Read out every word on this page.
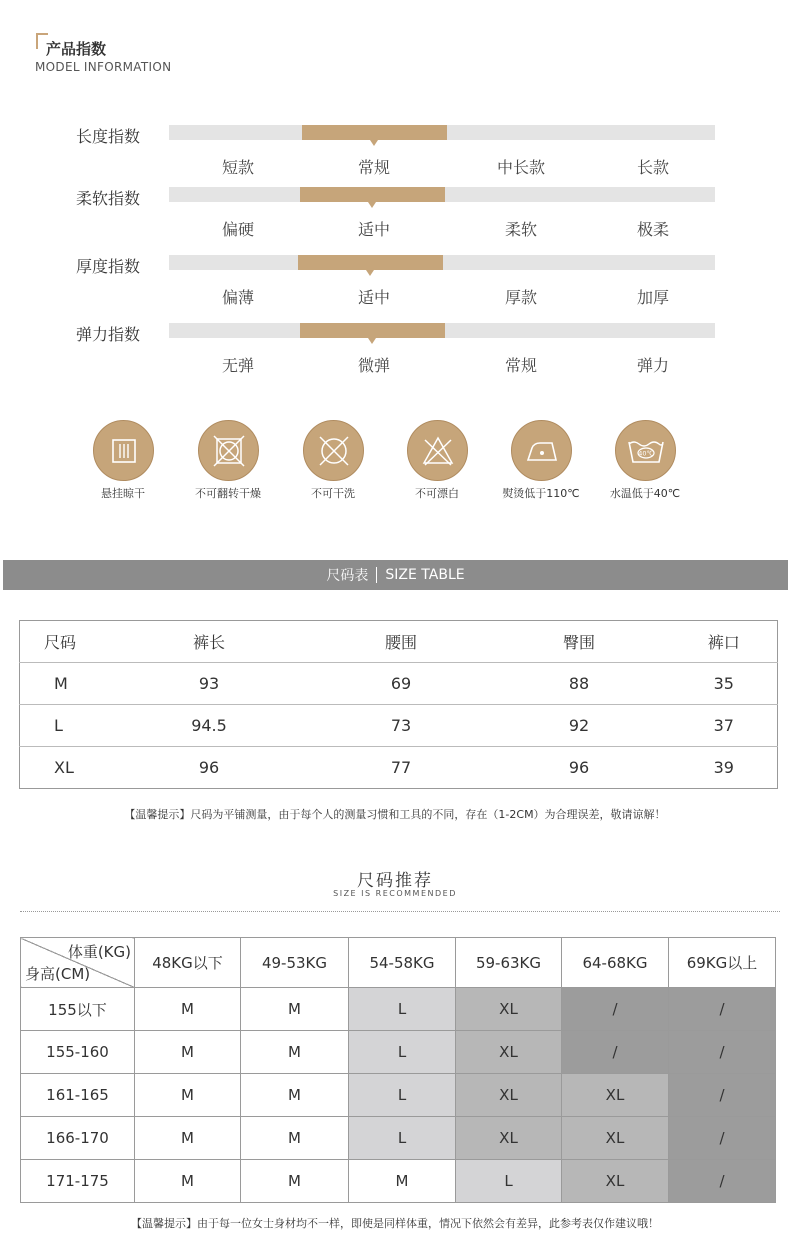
产品指数
MODEL INFORMATION
长度指数
短款	常规	中长款	长款
柔软指数
偏硬	适中	柔软	极柔
厚度指数
偏薄	适中	厚款	加厚
弹力指数
无弹	微弹	常规	弹力
悬挂晾干	不可翻转干燥	不可干洗	不可漂白	熨烫低于110℃
40℃
水温低于40℃
尺码表 SIZE TABLE
尺码	裤长	腰围	臀围	裤口
M	93	69	88	35
L	94.5	73	92	37
XL	96	77	96	39
【温馨提示】尺码为平铺测量，由于每个人的测量习惯和工具的不同，存在（1-2CM）为合理误差，敬请谅解！
尺码推荐
SIZE IS RECOMMENDED
体重(KG)
身高(CM)	48KG以下	49-53KG	54-58KG	59-63KG	64-68KG	69KG以上
155以下	M	M	L	XL	/	/
155-160	M	M	L	XL	/	/
161-165	M	M	L	XL	XL	/
166-170	M	M	L	XL	XL	/
171-175	M	M	M	L	XL	/
【温馨提示】由于每一位女士身材均不一样，即使是同样体重，情况下依然会有差异，此参考表仅作建议哦！
